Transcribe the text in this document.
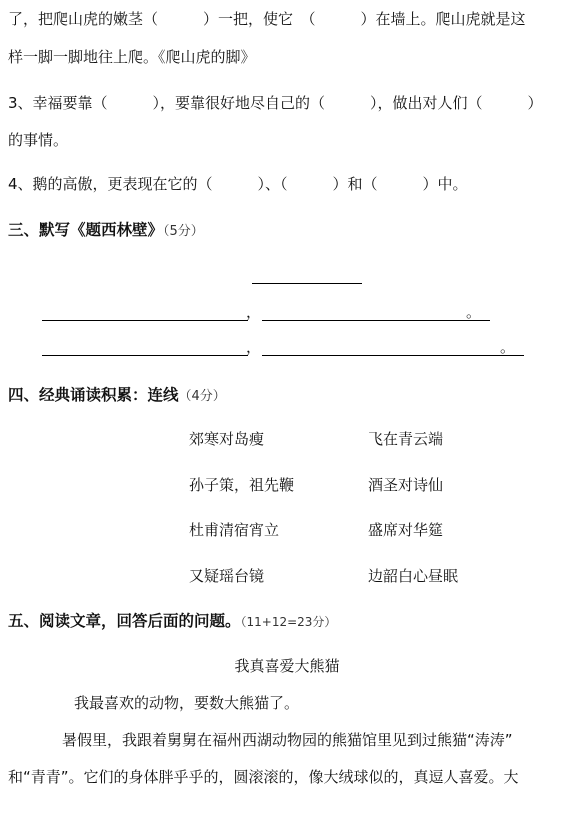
了，把爬山虎的嫩茎（　　　）一把，使它　（　　　）在墙上。爬山虎就是这
样一脚一脚地往上爬。《爬山虎的脚》
3、幸福要靠（　　　），要靠很好地尽自己的（　　　），做出对人们（　　　）
的事情。
4、鹅的高傲，更表现在它的（　　　）、（　　　）和（　　　）中。
三、默写《题西林壁》（5分）
，	。
，	。
四、经典诵读积累：连线（4分）
郊寒对岛瘦	飞在青云端
孙子策，祖先鞭	酒圣对诗仙
杜甫清宿宵立	盛席对华筵
又疑瑶台镜	边韶白心昼眠
五、阅读文章，回答后面的问题。（11+12=23分）
我真喜爱大熊猫
我最喜欢的动物，要数大熊猫了。
暑假里，我跟着舅舅在福州西湖动物园的熊猫馆里见到过熊猫“涛涛”
和“青青”。它们的身体胖乎乎的，圆滚滚的，像大绒球似的，真逗人喜爱。大
